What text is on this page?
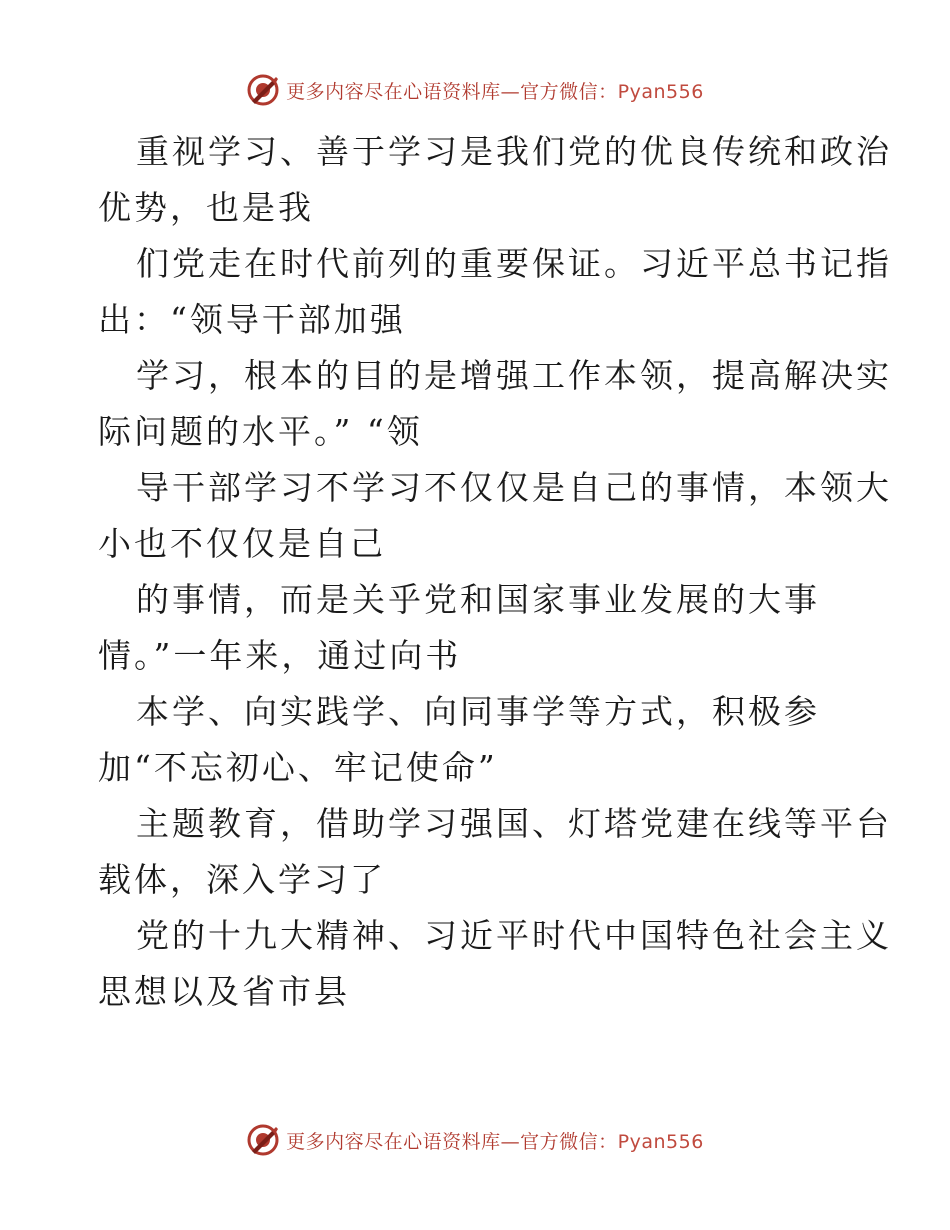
更多内容尽在心语资料库—官方微信：Pyan556
重视学习、善于学习是我们党的优良传统和政治
优势，也是我
们党走在时代前列的重要保证。习近平总书记指
出：“领导干部加强
学习，根本的目的是增强工作本领，提高解决实
际问题的水平。” “领
导干部学习不学习不仅仅是自己的事情，本领大
小也不仅仅是自己
的事情，而是关乎党和国家事业发展的大事
情。”一年来，通过向书
本学、向实践学、向同事学等方式，积极参
加“不忘初心、牢记使命”
主题教育，借助学习强国、灯塔党建在线等平台
载体，深入学习了
党的十九大精神、习近平时代中国特色社会主义
思想以及省市县
更多内容尽在心语资料库—官方微信：Pyan556
